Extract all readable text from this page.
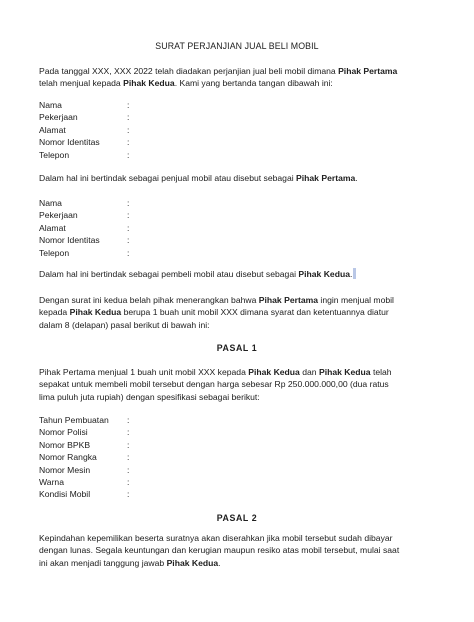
SURAT PERJANJIAN JUAL BELI MOBIL
Pada tanggal XXX, XXX 2022 telah diadakan perjanjian jual beli mobil dimana Pihak Pertama
telah menjual kepada Pihak Kedua. Kami yang bertanda tangan dibawah ini:
Nama	:
Pekerjaan	:
Alamat	:
Nomor Identitas	:
Telepon	:
Dalam hal ini bertindak sebagai penjual mobil atau disebut sebagai Pihak Pertama.
Nama	:
Pekerjaan	:
Alamat	:
Nomor Identitas	:
Telepon	:
Dalam hal ini bertindak sebagai pembeli mobil atau disebut sebagai Pihak Kedua.
Dengan surat ini kedua belah pihak menerangkan bahwa Pihak Pertama ingin menjual mobil
kepada Pihak Kedua berupa 1 buah unit mobil XXX dimana syarat dan ketentuannya diatur
dalam 8 (delapan) pasal berikut di bawah ini:
PASAL 1
Pihak Pertama menjual 1 buah unit mobil XXX kepada Pihak Kedua dan Pihak Kedua telah
sepakat untuk membeli mobil tersebut dengan harga sebesar Rp 250.000.000,00 (dua ratus
lima puluh juta rupiah) dengan spesifikasi sebagai berikut:
Tahun Pembuatan :
Nomor Polisi	:
Nomor BPKB	:
Nomor Rangka	:
Nomor Mesin	:
Warna	:
Kondisi Mobil	:
PASAL 2
Kepindahan kepemilikan beserta suratnya akan diserahkan jika mobil tersebut sudah dibayar
dengan lunas. Segala keuntungan dan kerugian maupun resiko atas mobil tersebut, mulai saat
ini akan menjadi tanggung jawab Pihak Kedua.
